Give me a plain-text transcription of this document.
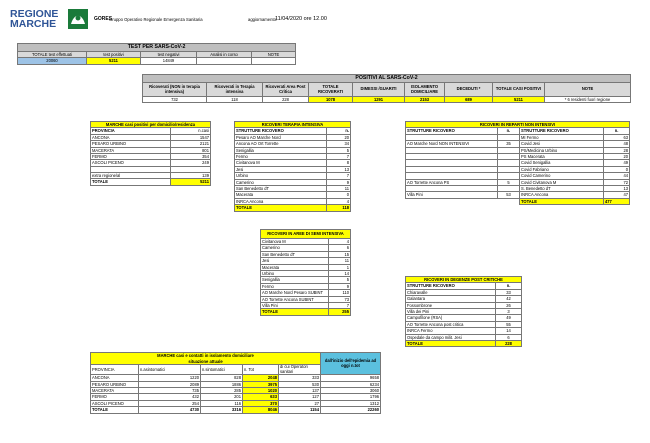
REGIONE MARCHE	GORES
Gruppo Operativo Regionale Emergenza Sanitaria	aggiornamento:
11/04/2020 ore 12.00
TEST PER SARS-CoV-2				
TOTALE test effettuati	test positivi	test negativi	Analisi in corso	NOTE
20060	5211	14849		
POSITIVI AL SARS-CoV-2								
Ricoverati (NON in terapia intensiva)	Ricoverati in Terapia intensiva	Ricoverati Area Post Critica	TOTALE RICOVERATI	DIMESSI /GUARITI	ISOLAMENTO DOMICILIARE	DECEDUTI *	TOTALE CASI POSITIVI	NOTE
732	118	228	1078	1291	2153	689	5211	* 6 residenti fuori regione
MARCHE casi positivi per domicilio/residenza	
PROVINCIA	n.casi
ANCONA	1547
PESARO URBINO	2121
MACERATA	801
FERMO	354
ASCOLI PICENO	249

extra regione/al	139
TOTALE	5211
RICOVERI TERAPIA INTENSIVA	
STRUTTURE RICOVERO	n.
Pesaro AO Marche Nord	20
Ancona AO Ort Torrette	34
Senigallia	5
Fermo	7
Civitanova M	8
Jesi	13
Urbino	7
Camerino	9
San Benedetto dT	11
Macerata	0
INRCA Ancona	4
TOTALE	118
RICOVERI IN AREE DI SEMI INTENSIVA	
Civitanova M	4
Camerino	6
San Benedetto dT	15
Jesi	11
Macerata	1
Urbino	14
Senigallia	5
Fermo	9
AO Marche Nord Pesaro SUBINT	110
AO Torrette Ancona SUBINT	73
Villa Pini	7
TOTALE	255
RICOVERI IN REPARTI NON INTENSIVI			
STRUTTURE RICOVERO	n.	STRUTTURE RICOVERO	n.
		MI Fermo	63
AO Marche Nord NON INTENSIVI	35	Covid Jesi	48
		PS/Medicina Urbino	28
		PS Macerata	20
		Covid Senigallia	49
		Covid Fabriano	0
		Covid Camerino	44
AO Torrette Ancona PS	5	Covid Civitanova M	72
		S. Benedetto dT	13
Villa Pini	53	INRCA Ancona	47
		TOTALE	477
RICOVERI IN DEGENZE POST CRITICHE	
STRUTTURE RICOVERO	n.
Chiaravalle	33
Galantara	42
Fossombrone	26
Villa dei Pini	3
Campofilone (RSA)	49
AO Torrette Ancona post critica	55
INRCA Fermo	14
Ospedale da campo milit. Jesi	6
TOTALE	228
MARCHE casi e contatti in isolamento domiciliare					dall'inizio dell'epidemia ad oggi n.tot
situazione attuale					
PROVINCIA	n.asintomatici	n.sintomatici	n. Tot	di cui Operatori sanitari	
ANCONA	1220	828	2048	333	9658
PESARO URBINO	2089	1886	3975	530	6234
MACERATA	735	285	1020	137	3060
FERMO	432	201	633	127	1796
ASCOLI PICENO	254	116	370	27	1312
TOTALE	4730	3316	8046	1154	22260
